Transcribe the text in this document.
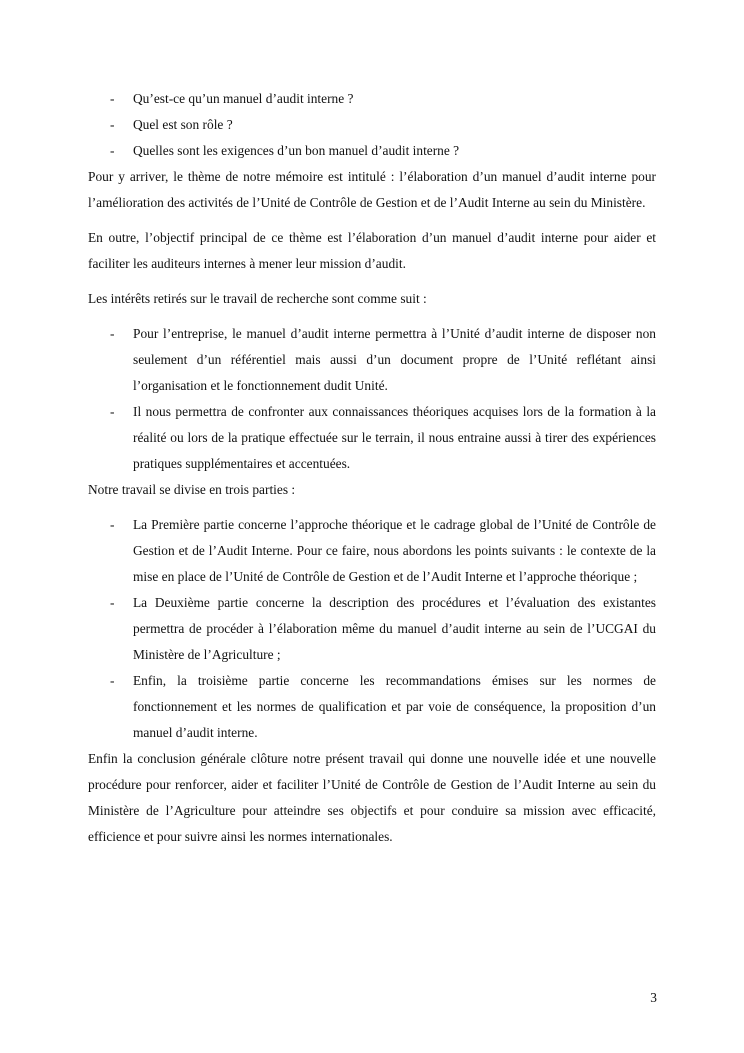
- Qu’est-ce qu’un manuel d’audit interne ?
- Quel est son rôle ?
- Quelles sont les exigences d’un bon manuel d’audit interne ?

Pour y arriver, le thème de notre mémoire est intitulé : l’élaboration d’un manuel d’audit interne pour l’amélioration des activités de l’Unité de Contrôle de Gestion et de l’Audit Interne au sein du Ministère.

En outre, l’objectif principal de ce thème est l’élaboration d’un manuel d’audit interne pour aider et faciliter les auditeurs internes à mener leur mission d’audit.

Les intérêts retirés sur le travail de recherche sont comme suit :

- Pour l’entreprise, le manuel d’audit interne permettra à l’Unité d’audit interne de disposer non seulement d’un référentiel mais aussi d’un document propre de l’Unité reflétant ainsi l’organisation et le fonctionnement dudit Unité.
- Il nous permettra de confronter aux connaissances théoriques acquises lors de la formation à la réalité ou lors de la pratique effectuée sur le terrain, il nous entraine aussi à tirer des expériences pratiques supplémentaires et accentuées.

Notre travail se divise en trois parties :

- La Première partie concerne l’approche théorique et le cadrage global de l’Unité de Contrôle de Gestion et de l’Audit Interne. Pour ce faire, nous abordons les points suivants : le contexte de la mise en place de l’Unité de Contrôle de Gestion et de l’Audit Interne et l’approche théorique ;
- La Deuxième partie concerne la description des procédures et l’évaluation des existantes permettra de procéder à l’élaboration même du manuel d’audit interne au sein de l’UCGAI du Ministère de l’Agriculture ;
- Enfin, la troisième partie concerne les recommandations émises sur les normes de fonctionnement et les normes de qualification et par voie de conséquence, la proposition d’un manuel d’audit interne.

Enfin la conclusion générale clôture notre présent travail qui donne une nouvelle idée et une nouvelle procédure pour renforcer, aider et faciliter l’Unité de Contrôle de Gestion de l’Audit Interne au sein du Ministère de l’Agriculture pour atteindre ses objectifs et pour conduire sa mission avec efficacité, efficience et pour suivre ainsi les normes internationales.

3
